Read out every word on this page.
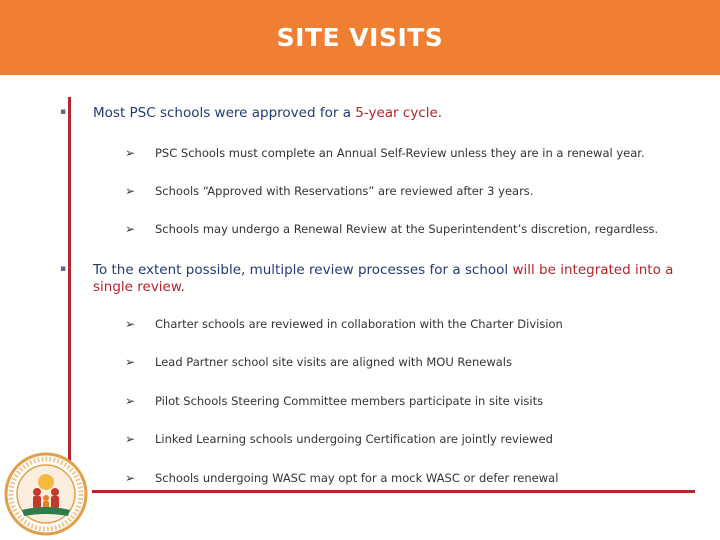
SITE VISITS
▪ Most PSC schools were approved for a 5-year cycle.
➢	PSC Schools must complete an Annual Self-Review unless they are in a renewal year.
➢	Schools “Approved with Reservations” are reviewed after 3 years.
➢	Schools may undergo a Renewal Review at the Superintendent’s discretion, regardless.
▪ To the extent possible, multiple review processes for a school will be integrated into a single review.
➢	Charter schools are reviewed in collaboration with the Charter Division
➢	Lead Partner school site visits are aligned with MOU Renewals
➢	Pilot Schools Steering Committee members participate in site visits
➢	Linked Learning schools undergoing Certification are jointly reviewed
➢	Schools undergoing WASC may opt for a mock WASC or defer renewal
